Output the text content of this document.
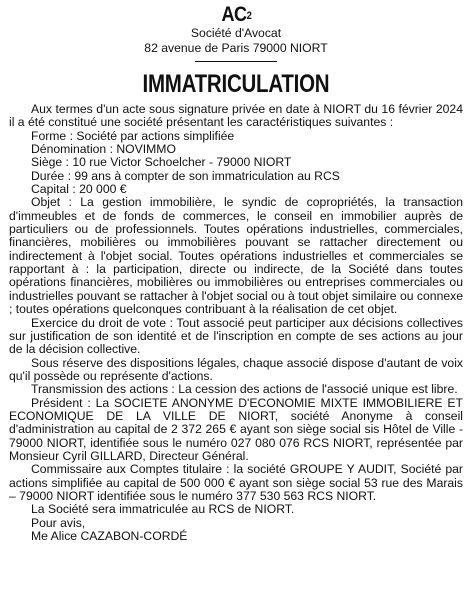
$AC^2$
Société d'Avocat
82 avenue de Paris 79000 NIORT
IMMATRICULATION

Aux termes d'un acte sous signature privée en date à NIORT du 16 février 2024 il a été constitué une société présentant les caractéristiques suivantes :

Forme : Société par actions simplifiée

Dénomination : NOVIMMO

Siège : 10 rue Victor Schoelcher - 79000 NIORT

Durée : 99 ans à compter de son immatriculation au RCS

Capital : 20 000 €

Objet : La gestion immobilière, le syndic de copropriétés, la transaction d'immeubles et de fonds de commerces, le conseil en immobilier auprès de particuliers ou de professionnels. Toutes opérations industrielles, commerciales, financières, mobilières ou immobilières pouvant se rattacher directement ou indirectement à l'objet social. Toutes opérations industrielles et commerciales se rapportant à : la participation, directe ou indirecte, de la Société dans toutes opérations financières, mobilières ou immobilières ou entreprises commerciales ou industrielles pouvant se rattacher à l'objet social ou à tout objet similaire ou connexe ; toutes opérations quelconques contribuant à la réalisation de cet objet.

Exercice du droit de vote : Tout associé peut participer aux décisions collectives sur justification de son identité et de l'inscription en compte de ses actions au jour de la décision collective.

Sous réserve des dispositions légales, chaque associé dispose d'autant de voix qu'il possède ou représente d'actions.

Transmission des actions : La cession des actions de l'associé unique est libre.

Président : La SOCIETE ANONYME D'ECONOMIE MIXTE IMMOBILIERE ET ECONOMIQUE DE LA VILLE DE NIORT, société Anonyme à conseil d'administration au capital de 2 372 265 € ayant son siège social sis Hôtel de Ville - 79000 NIORT, identifiée sous le numéro 027 080 076 RCS NIORT, représentée par Monsieur Cyril GILLARD, Directeur Général.

Commissaire aux Comptes titulaire : la société GROUPE Y AUDIT, Société par actions simplifiée au capital de 500 000 € ayant son siège social 53 rue des Marais – 79000 NIORT identifiée sous le numéro 377 530 563 RCS NIORT.

La Société sera immatriculée au RCS de NIORT.

Pour avis,

Me Alice CAZABON-CORDÉ
